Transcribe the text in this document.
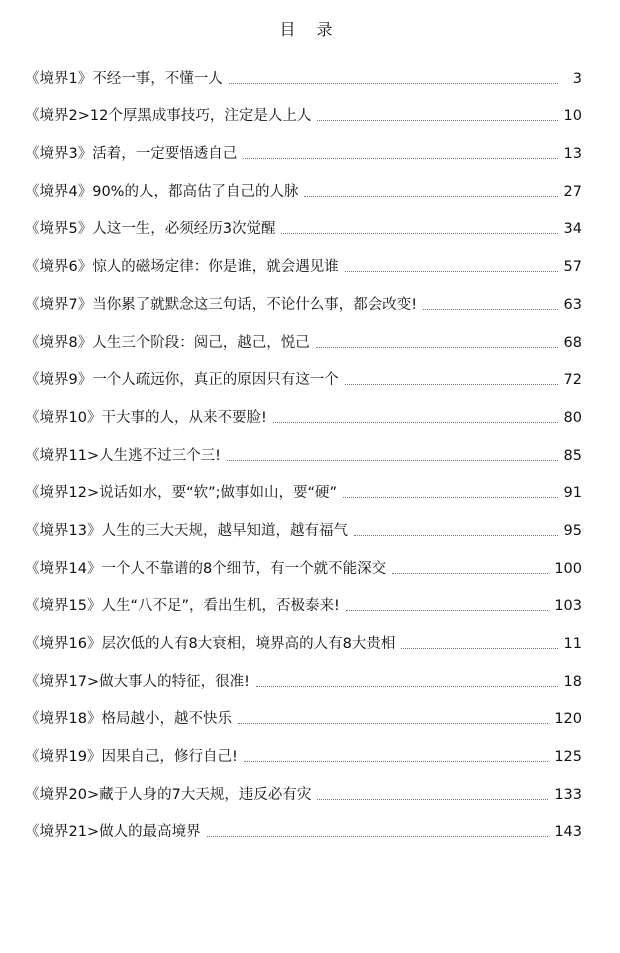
目 录
《境界1》不经一事，不懂一人	3
《境界2>12个厚黑成事技巧，注定是人上人	10
《境界3》活着，一定要悟透自己	13
《境界4》90%的人，都高估了自己的人脉	27
《境界5》人这一生，必须经历3次觉醒	34
《境界6》惊人的磁场定律：你是谁，就会遇见谁	57
《境界7》当你累了就默念这三句话，不论什么事，都会改变!	63
《境界8》人生三个阶段：阅己，越己，悦己	68
《境界9》一个人疏远你，真正的原因只有这一个	72
《境界10》干大事的人，从来不要脸!	80
《境界11>人生逃不过三个三!	85
《境界12>说话如水，要“软”;做事如山，要“硬”	91
《境界13》人生的三大天规，越早知道，越有福气	95
《境界14》一个人不靠谱的8个细节，有一个就不能深交	100
《境界15》人生“八不足”，看出生机，否极泰来!	103
《境界16》层次低的人有8大衰相，境界高的人有8大贵相	11
《境界17>做大事人的特征，很准!	18
《境界18》格局越小，越不快乐	120
《境界19》因果自己，修行自己!	125
《境界20>藏于人身的7大天规，违反必有灾	133
《境界21>做人的最高境界	143
